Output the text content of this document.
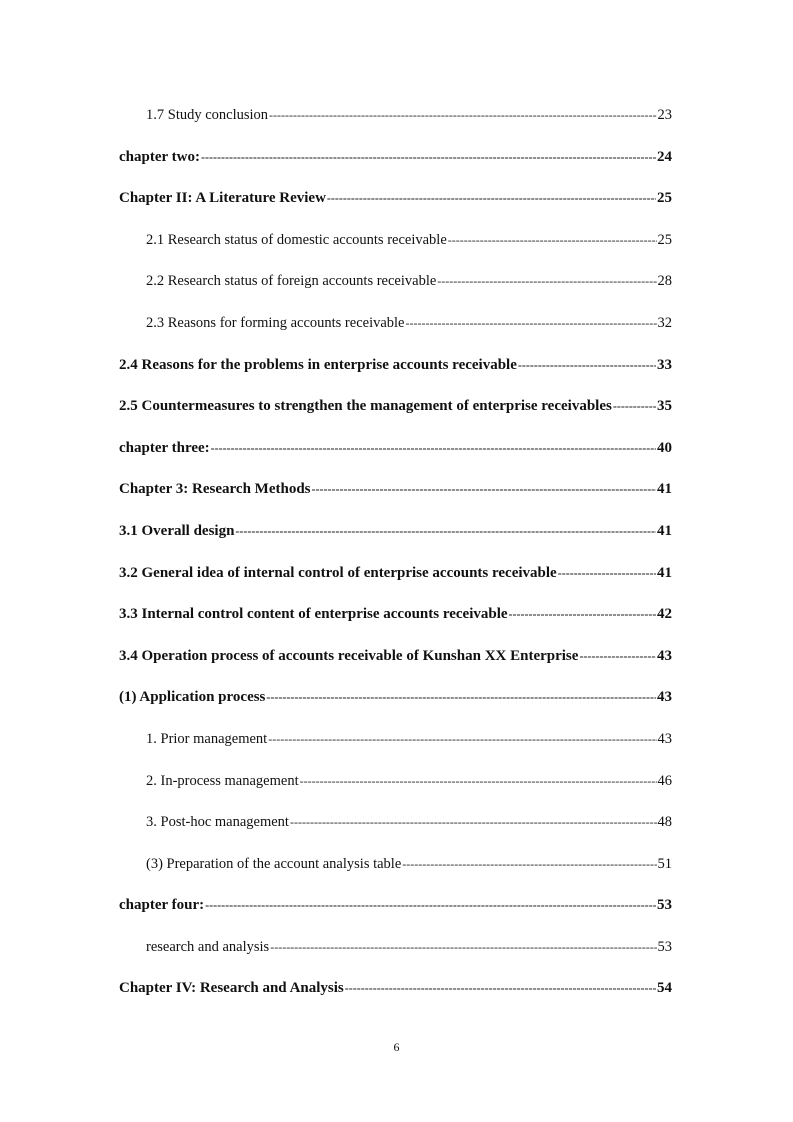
1.7 Study conclusion -----	23
chapter two: -----	24
Chapter II: A Literature Review -----	25
2.1 Research status of domestic accounts receivable -----	25
2.2 Research status of foreign accounts receivable -----	28
2.3 Reasons for forming accounts receivable -----	32
2.4 Reasons for the problems in enterprise accounts receivable -----	33
2.5 Countermeasures to strengthen the management of enterprise receivables -----	35
chapter three: -----	40
Chapter 3: Research Methods -----	41
3.1 Overall design -----	41
3.2 General idea of internal control of enterprise accounts receivable -----	41
3.3 Internal control content of enterprise accounts receivable -----	42
3.4 Operation process of accounts receivable of Kunshan XX Enterprise -----	43
(1) Application process -----	43
1. Prior management -----	43
2. In-process management -----	46
3. Post-hoc management -----	48
(3) Preparation of the account analysis table -----	51
chapter four: -----	53
research and analysis -----	53
Chapter IV: Research and Analysis -----	54
6
